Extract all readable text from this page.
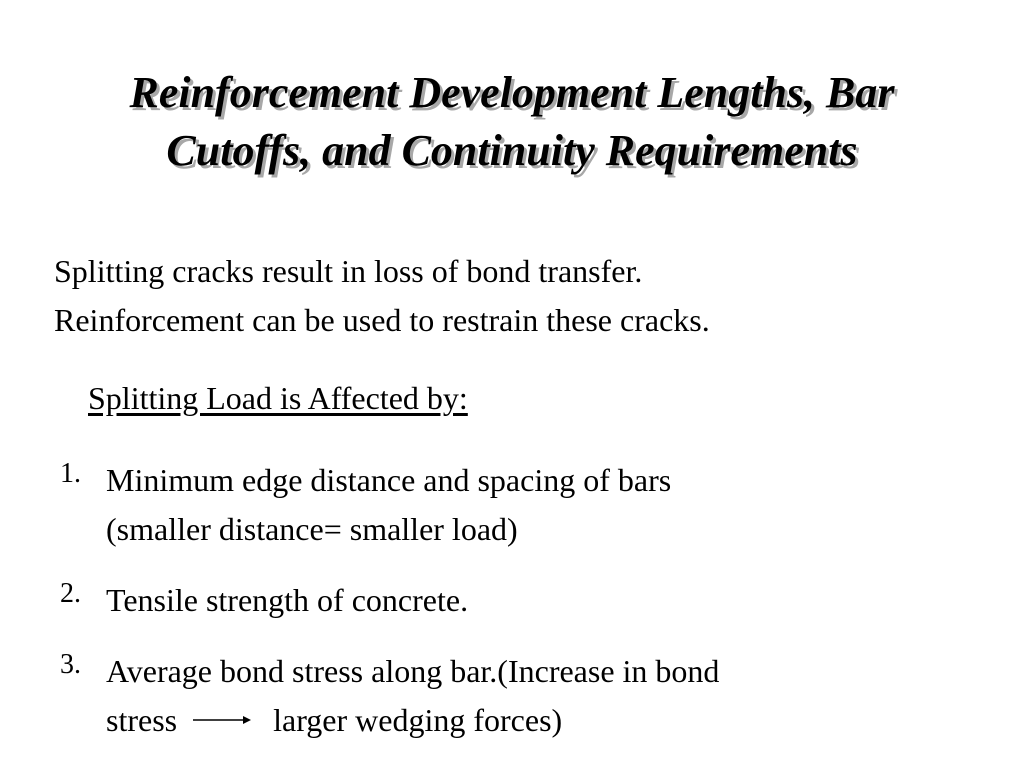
Reinforcement Development Lengths, Bar
Cutoffs, and Continuity Requirements

Splitting cracks result in loss of bond transfer.
Reinforcement can be used to restrain these cracks.

Splitting Load is Affected by:

1. Minimum edge distance and spacing of bars
(smaller distance= smaller load)
2. Tensile strength of concrete.
3. Average bond stress along bar.(Increase in bond
stress	larger wedging forces)
